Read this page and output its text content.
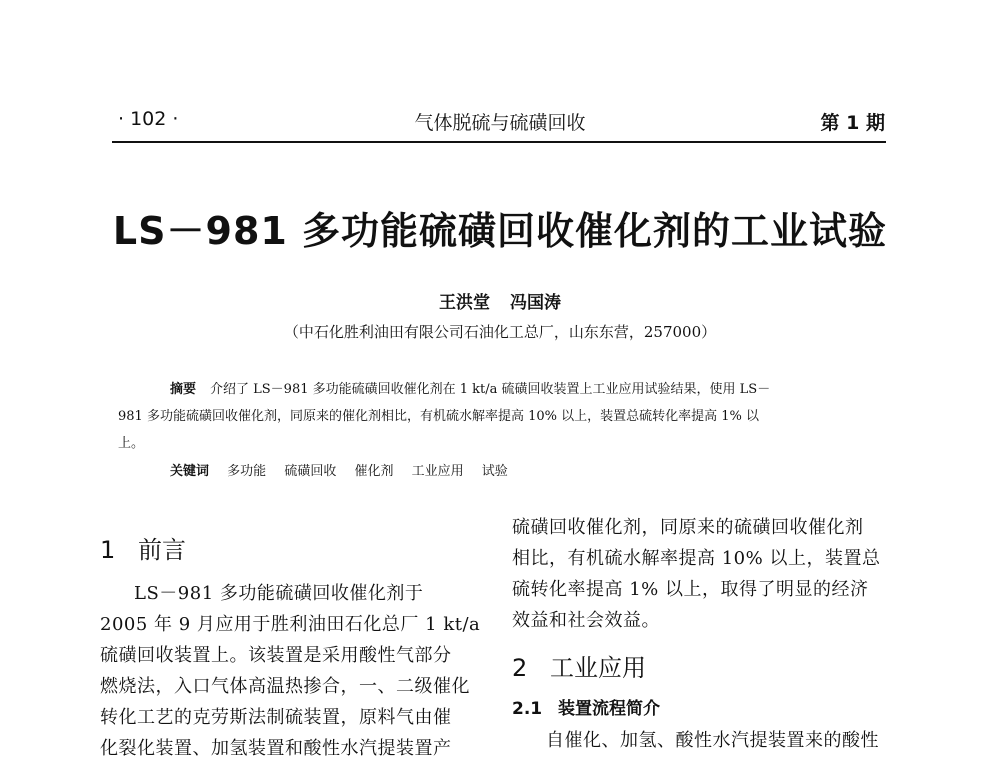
· 102 ·	气体脱硫与硫磺回收	第 1 期
LS－981 多功能硫磺回收催化剂的工业试验
王洪堂 冯国涛
（中石化胜利油田有限公司石油化工总厂，山东东营，257000）
摘要 介绍了 LS－981 多功能硫磺回收催化剂在 1 kt/a 硫磺回收装置上工业应用试验结果，使用 LS－
981 多功能硫磺回收催化剂，同原来的催化剂相比，有机硫水解率提高 10% 以上，装置总硫转化率提高 1% 以
上。
关键词 多功能 硫磺回收 催化剂 工业应用 试验
1 前言
LS－981 多功能硫磺回收催化剂于
2005 年 9 月应用于胜利油田石化总厂 1 kt/a
硫磺回收装置上。该装置是采用酸性气部分
燃烧法，入口气体高温热掺合，一、二级催化
转化工艺的克劳斯法制硫装置，原料气由催
化裂化装置、加氢装置和酸性水汽提装置产
硫磺回收催化剂，同原来的硫磺回收催化剂
相比，有机硫水解率提高 10% 以上，装置总
硫转化率提高 1% 以上，取得了明显的经济
效益和社会效益。
2 工业应用
2.1 装置流程简介
自催化、加氢、酸性水汽提装置来的酸性
